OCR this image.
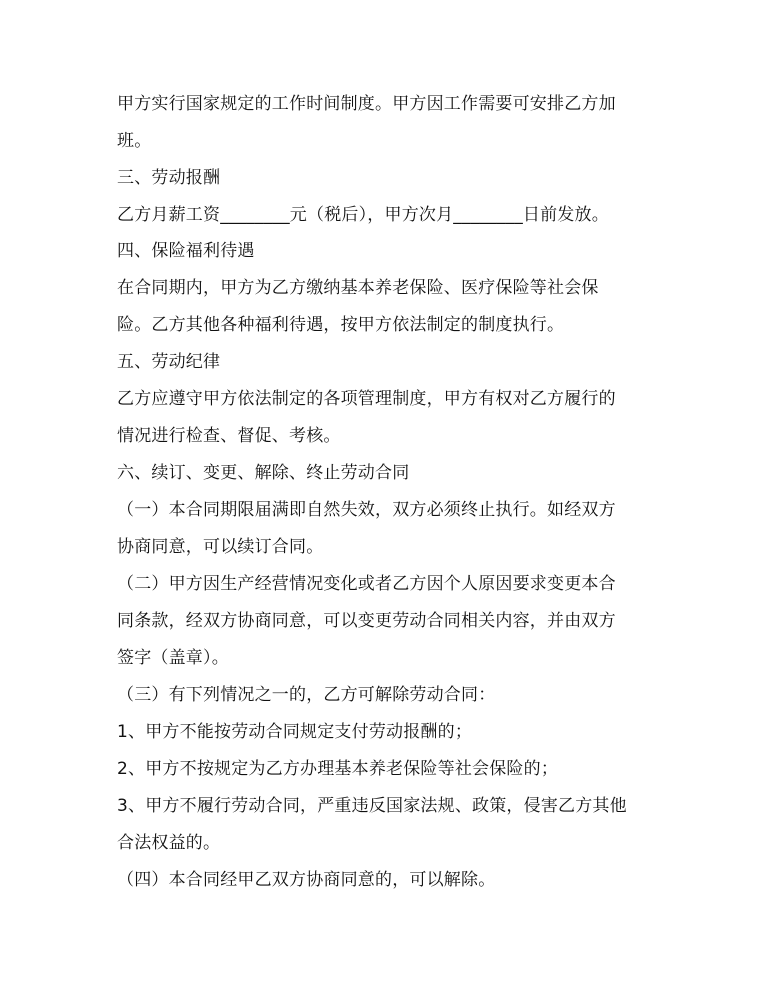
甲方实行国家规定的工作时间制度。甲方因工作需要可安排乙方加
班。
三、劳动报酬
乙方月薪工资________元（税后），甲方次月________日前发放。
四、保险福利待遇
在合同期内，甲方为乙方缴纳基本养老保险、医疗保险等社会保
险。乙方其他各种福利待遇，按甲方依法制定的制度执行。
五、劳动纪律
乙方应遵守甲方依法制定的各项管理制度，甲方有权对乙方履行的
情况进行检查、督促、考核。
六、续订、变更、解除、终止劳动合同
（一）本合同期限届满即自然失效，双方必须终止执行。如经双方
协商同意，可以续订合同。
（二）甲方因生产经营情况变化或者乙方因个人原因要求变更本合
同条款，经双方协商同意，可以变更劳动合同相关内容，并由双方
签字（盖章）。
（三）有下列情况之一的，乙方可解除劳动合同：
1、甲方不能按劳动合同规定支付劳动报酬的；
2、甲方不按规定为乙方办理基本养老保险等社会保险的；
3、甲方不履行劳动合同，严重违反国家法规、政策，侵害乙方其他
合法权益的。
（四）本合同经甲乙双方协商同意的，可以解除。
